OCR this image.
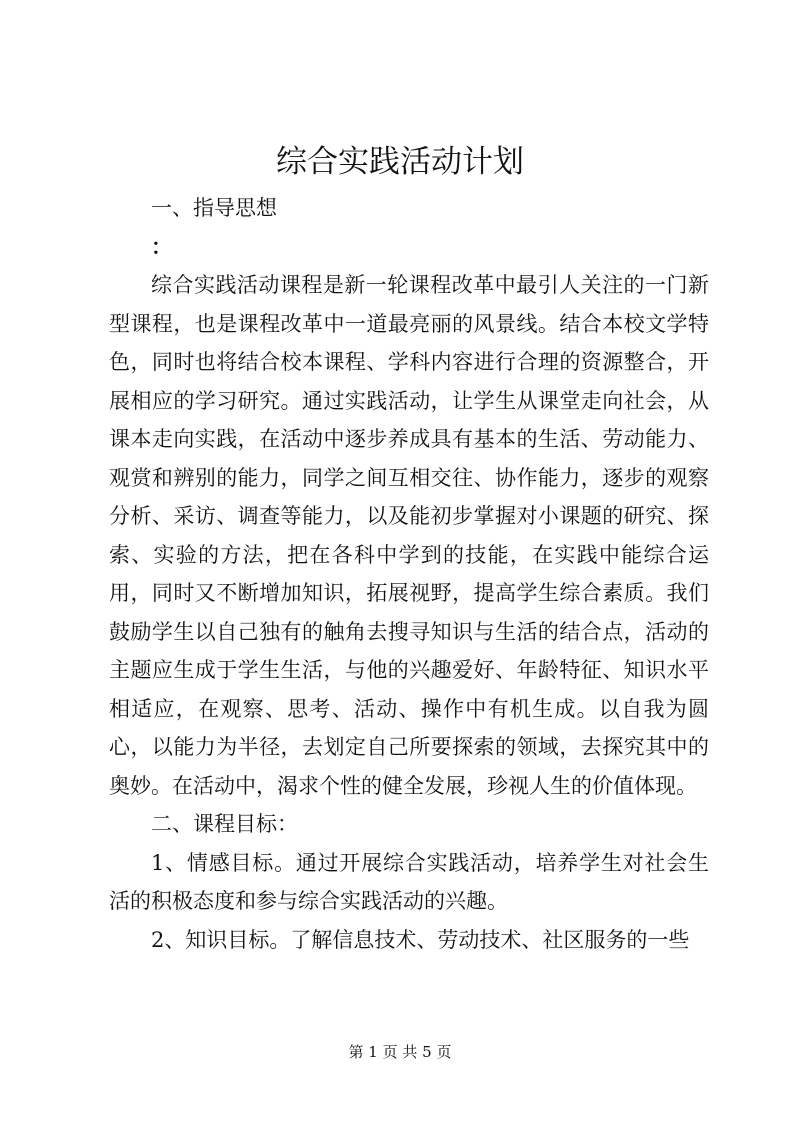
综合实践活动计划

一、指导思想

：

综合实践活动课程是新一轮课程改革中最引人关注的一门新型课程，也是课程改革中一道最亮丽的风景线。结合本校文学特色，同时也将结合校本课程、学科内容进行合理的资源整合，开展相应的学习研究。通过实践活动，让学生从课堂走向社会，从课本走向实践，在活动中逐步养成具有基本的生活、劳动能力、观赏和辨别的能力，同学之间互相交往、协作能力，逐步的观察分析、采访、调查等能力，以及能初步掌握对小课题的研究、探索、实验的方法，把在各科中学到的技能，在实践中能综合运用，同时又不断增加知识，拓展视野，提高学生综合素质。我们鼓励学生以自己独有的触角去搜寻知识与生活的结合点，活动的主题应生成于学生生活，与他的兴趣爱好、年龄特征、知识水平相适应，在观察、思考、活动、操作中有机生成。以自我为圆心，以能力为半径，去划定自己所要探索的领域，去探究其中的奥妙。在活动中，渴求个性的健全发展，珍视人生的价值体现。

二、课程目标：

1、情感目标。通过开展综合实践活动，培养学生对社会生活的积极态度和参与综合实践活动的兴趣。

2、知识目标。了解信息技术、劳动技术、社区服务的一些

第 1 页 共 5 页
